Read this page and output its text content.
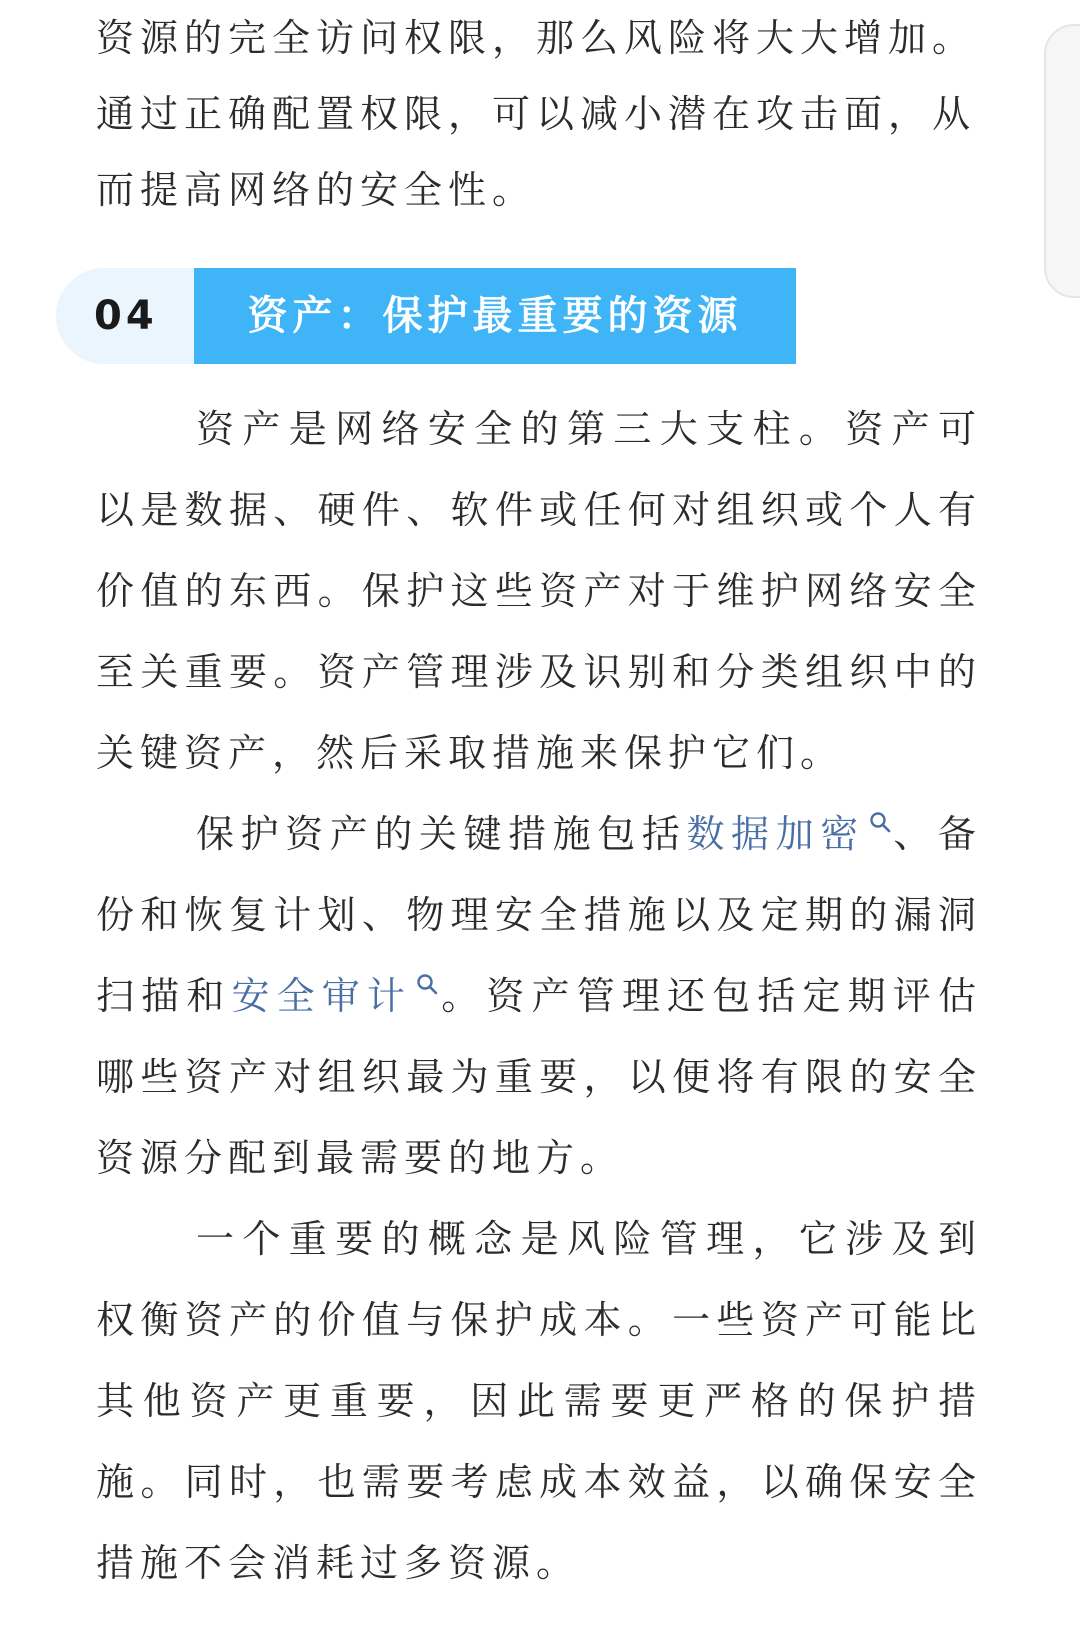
资源的完全访问权限，那么风险将大大增加。

通过正确配置权限，可以减小潜在攻击面，从

而提高网络的安全性。

04	资产：保护最重要的资源

资产是网络安全的第三大支柱。资产可以是数据、硬件、软件或任何对组织或个人有价值的东西。保护这些资产对于维护网络安全至关重要。资产管理涉及识别和分类组织中的关键资产，然后采取措施来保护它们。

保护资产的关键措施包括数据加密 、备份和恢复计划、物理安全措施以及定期的漏洞扫描和安全审计 。资产管理还包括定期评估哪些资产对组织最为重要，以便将有限的安全资源分配到最需要的地方。

一个重要的概念是风险管理，它涉及到权衡资产的价值与保护成本。一些资产可能比其他资产更重要，因此需要更严格的保护措施。同时，也需要考虑成本效益，以确保安全措施不会消耗过多资源。
